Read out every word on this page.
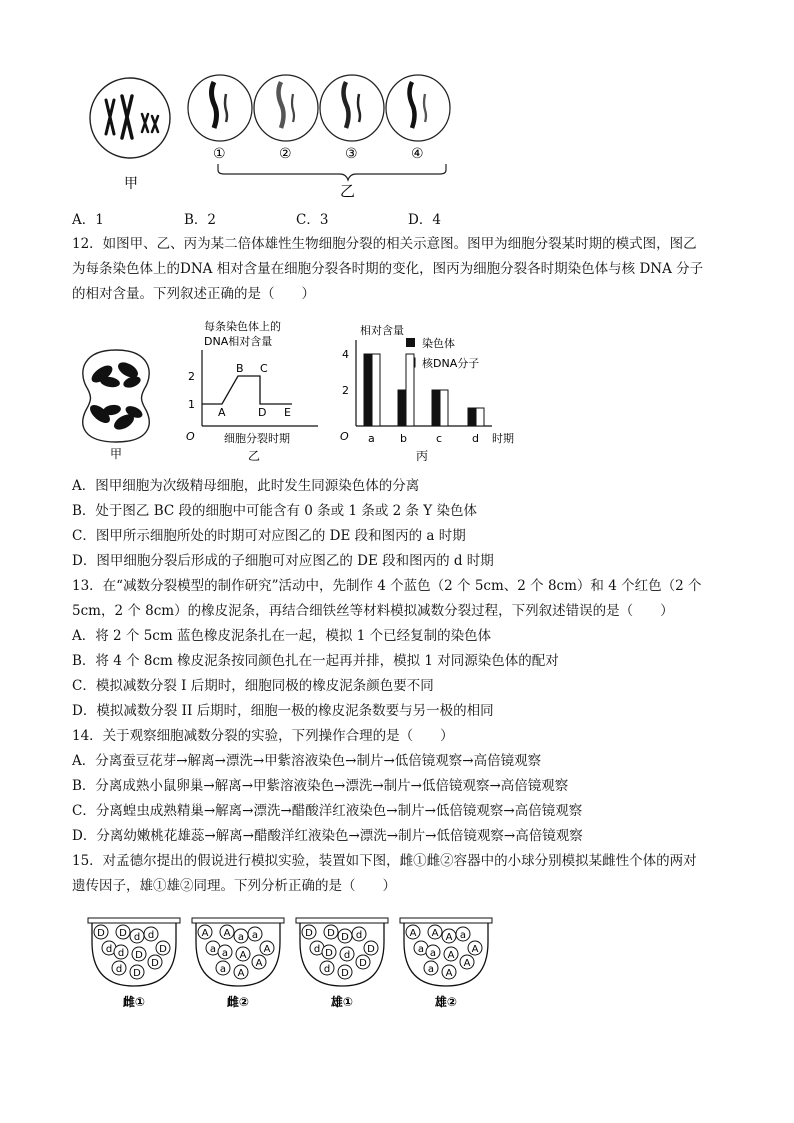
甲
①	②	③	④
乙
A．1	B．2	C．3	D．4
12．如图甲、乙、丙为某二倍体雄性生物细胞分裂的相关示意图。图甲为细胞分裂某时期的模式图，图乙
为每条染色体上的DNA 相对含量在细胞分裂各时期的变化，图丙为细胞分裂各时期染色体与核 DNA 分子
的相对含量。下列叙述正确的是（　　）
甲
每条染色体上的
DNA相对含量
O
1
2
A
B C
D E
细胞分裂时期
乙
相对含量
O
2
4
染色体
核DNA分子
a b	c	d 时期
丙
A．图甲细胞为次级精母细胞，此时发生同源染色体的分离
B．处于图乙 BC 段的细胞中可能含有 0 条或 1 条或 2 条 Y 染色体
C．图甲所示细胞所处的时期可对应图乙的 DE 段和图丙的 a 时期
D．图甲细胞分裂后形成的子细胞可对应图乙的 DE 段和图丙的 d 时期
13．在“减数分裂模型的制作研究”活动中，先制作 4 个蓝色（2 个 5cm、2 个 8cm）和 4 个红色（2 个
5cm，2 个 8cm）的橡皮泥条，再结合细铁丝等材料模拟减数分裂过程，下列叙述错误的是（　　）
A．将 2 个 5cm 蓝色橡皮泥条扎在一起，模拟 1 个已经复制的染色体
B．将 4 个 8cm 橡皮泥条按同颜色扎在一起再并排，模拟 1 对同源染色体的配对
C．模拟减数分裂 I 后期时，细胞同极的橡皮泥条颜色要不同
D．模拟减数分裂 II 后期时，细胞一极的橡皮泥条数要与另一极的相同
14．关于观察细胞减数分裂的实验，下列操作合理的是（　　）
A．分离蚕豆花芽→解离→漂洗→甲紫溶液染色→制片→低倍镜观察→高倍镜观察
B．分离成熟小鼠卵巢→解离→甲紫溶液染色→漂洗→制片→低倍镜观察→高倍镜观察
C．分离蝗虫成熟精巢→解离→漂洗→醋酸洋红液染色→制片→低倍镜观察→高倍镜观察
D．分离幼嫩桃花雄蕊→解离→醋酸洋红液染色→漂洗→制片→低倍镜观察→高倍镜观察
15．对孟德尔提出的假说进行模拟实验，装置如下图，雌①雌②容器中的小球分别模拟某雌性个体的两对
遗传因子，雄①雄②同理。下列分析正确的是（　　）
D
d
D d d
D
d D
D
d D
雌①
A
a
A a a
A
a A
A
a A
雌②
D
d
D D d
D
D d
D
d D
雄①
A
a
A A a
A
a A
A
a A
雄②
